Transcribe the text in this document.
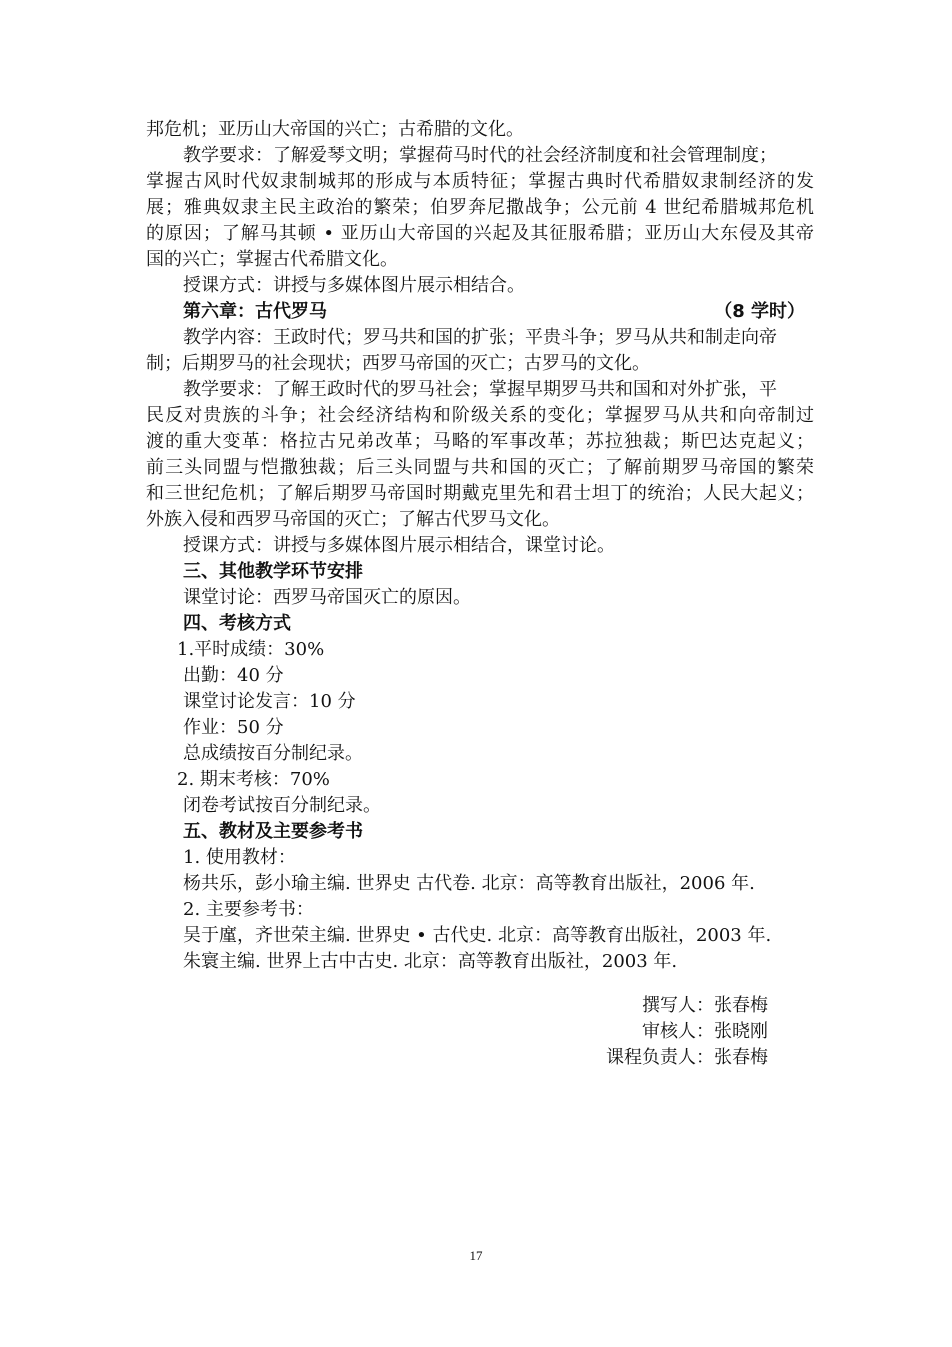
邦危机；亚历山大帝国的兴亡；古希腊的文化。
教学要求：了解爱琴文明；掌握荷马时代的社会经济制度和社会管理制度；
掌握古风时代奴隶制城邦的形成与本质特征；掌握古典时代希腊奴隶制经济的发
展；雅典奴隶主民主政治的繁荣；伯罗奔尼撒战争；公元前 4 世纪希腊城邦危机
的原因；了解马其顿 • 亚历山大帝国的兴起及其征服希腊；亚历山大东侵及其帝
国的兴亡；掌握古代希腊文化。
授课方式：讲授与多媒体图片展示相结合。
第六章：古代罗马	（8 学时）
教学内容：王政时代；罗马共和国的扩张；平贵斗争；罗马从共和制走向帝
制；后期罗马的社会现状；西罗马帝国的灭亡；古罗马的文化。
教学要求：了解王政时代的罗马社会；掌握早期罗马共和国和对外扩张，平
民反对贵族的斗争；社会经济结构和阶级关系的变化；掌握罗马从共和向帝制过
渡的重大变革：格拉古兄弟改革；马略的军事改革；苏拉独裁；斯巴达克起义；
前三头同盟与恺撒独裁；后三头同盟与共和国的灭亡；了解前期罗马帝国的繁荣
和三世纪危机；了解后期罗马帝国时期戴克里先和君士坦丁的统治；人民大起义；
外族入侵和西罗马帝国的灭亡；了解古代罗马文化。
授课方式：讲授与多媒体图片展示相结合，课堂讨论。
三、其他教学环节安排
课堂讨论：西罗马帝国灭亡的原因。
四、考核方式
1.平时成绩：30%
出勤：40 分
课堂讨论发言：10 分
作业：50 分
总成绩按百分制纪录。
2. 期末考核：70%
闭卷考试按百分制纪录。
五、教材及主要参考书
1. 使用教材：
杨共乐，彭小瑜主编. 世界史 古代卷. 北京：高等教育出版社，2006 年.
2. 主要参考书：
吴于廑，齐世荣主编. 世界史 • 古代史. 北京：高等教育出版社，2003 年.
朱寰主编. 世界上古中古史. 北京：高等教育出版社，2003 年.
撰写人：张春梅
审核人：张晓刚
课程负责人：张春梅
17
